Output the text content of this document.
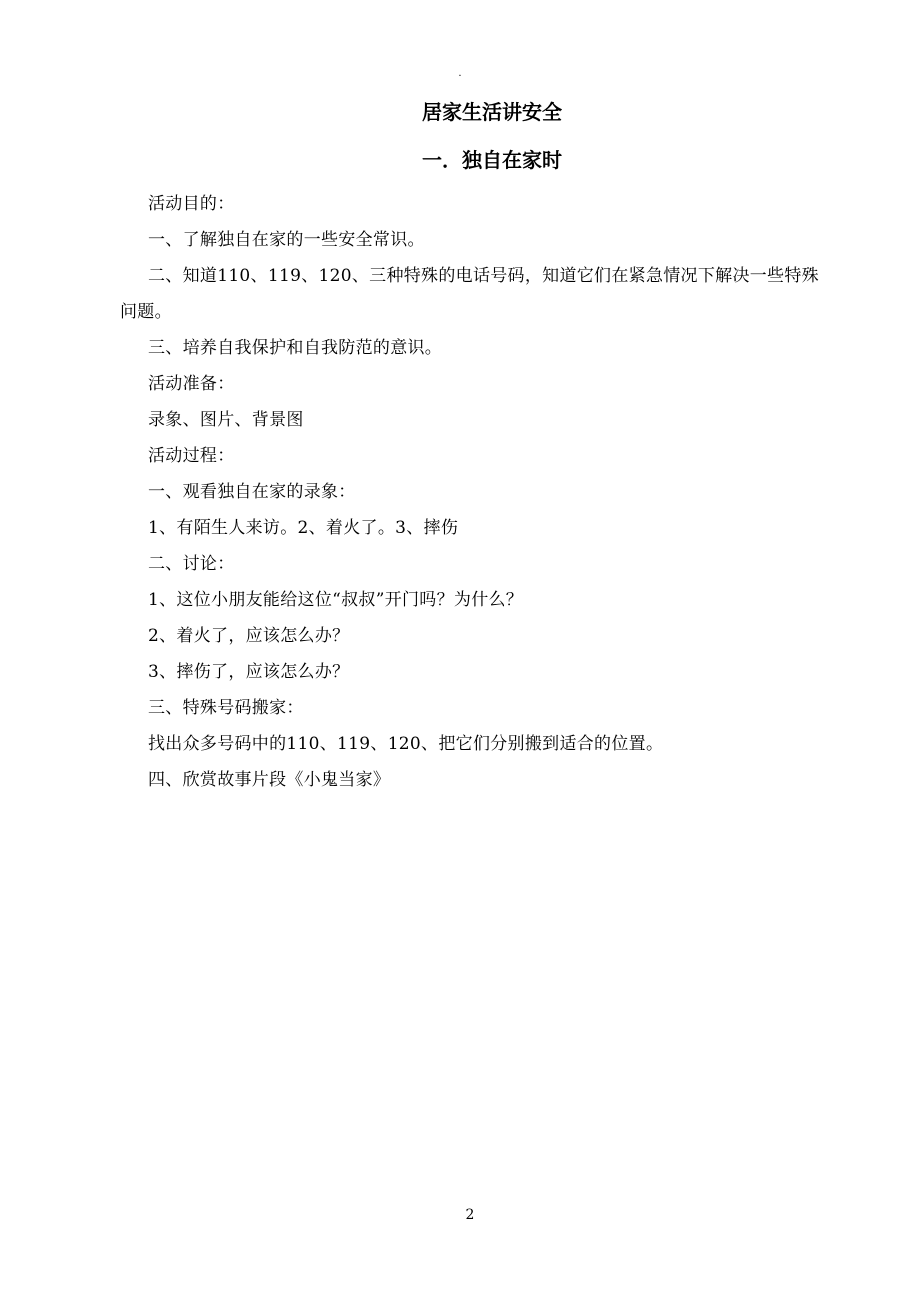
.
居家生活讲安全
一．独自在家时

活动目的：

一、了解独自在家的一些安全常识。

二、知道110、119、120、三种特殊的电话号码，知道它们在紧急情况下解决一些特殊问题。

三、培养自我保护和自我防范的意识。

活动准备：

录象、图片、背景图

活动过程：

一、观看独自在家的录象：

1、有陌生人来访。2、着火了。3、摔伤

二、讨论：

1、这位小朋友能给这位“叔叔”开门吗？为什么？

2、着火了，应该怎么办？

3、摔伤了，应该怎么办？

三、特殊号码搬家：

找出众多号码中的110、119、120、把它们分别搬到适合的位置。

四、欣赏故事片段《小鬼当家》

2
